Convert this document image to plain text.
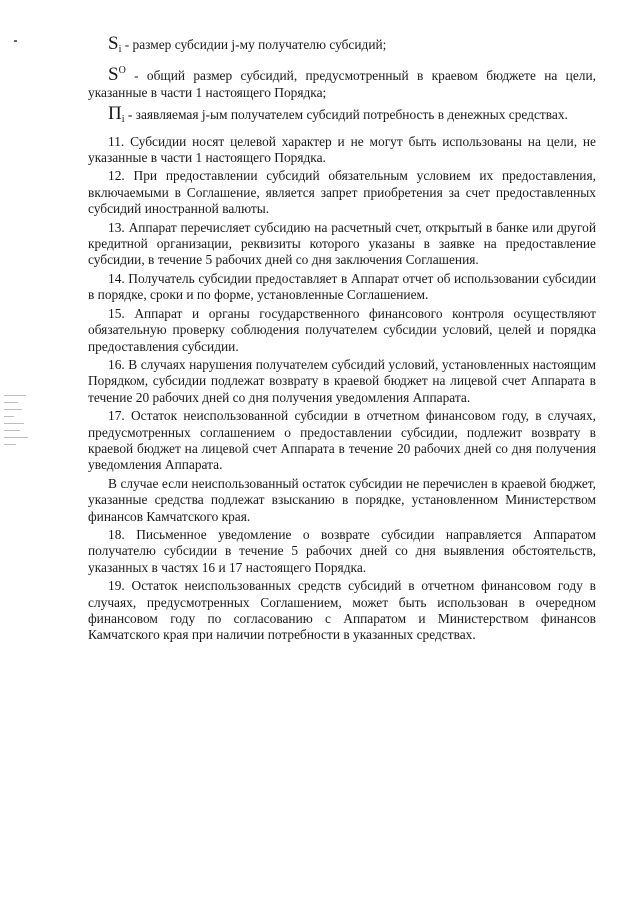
$S_i$ - размер субсидии j-му получателю субсидий;

$S^O$ - общий размер субсидий, предусмотренный в краевом бюджете на цели, указанные в части 1 настоящего Порядка;

$П_i$ - заявляемая j-ым получателем субсидий потребность в денежных средствах.

11. Субсидии носят целевой характер и не могут быть использованы на цели, не указанные в части 1 настоящего Порядка.

12. При предоставлении субсидий обязательным условием их предоставления, включаемыми в Соглашение, является запрет приобретения за счет предоставленных субсидий иностранной валюты.

13. Аппарат перечисляет субсидию на расчетный счет, открытый в банке или другой кредитной организации, реквизиты которого указаны в заявке на предоставление субсидии, в течение 5 рабочих дней со дня заключения Соглашения.

14. Получатель субсидии предоставляет в Аппарат отчет об использовании субсидии в порядке, сроки и по форме, установленные Соглашением.

15. Аппарат и органы государственного финансового контроля осуществляют обязательную проверку соблюдения получателем субсидии условий, целей и порядка предоставления субсидии.

16. В случаях нарушения получателем субсидий условий, установленных настоящим Порядком, субсидии подлежат возврату в краевой бюджет на лицевой счет Аппарата в течение 20 рабочих дней со дня получения уведомления Аппарата.

17. Остаток неиспользованной субсидии в отчетном финансовом году, в случаях, предусмотренных соглашением о предоставлении субсидии, подлежит возврату в краевой бюджет на лицевой счет Аппарата в течение 20 рабочих дней со дня получения уведомления Аппарата.

В случае если неиспользованный остаток субсидии не перечислен в краевой бюджет, указанные средства подлежат взысканию в порядке, установленном Министерством финансов Камчатского края.

18. Письменное уведомление о возврате субсидии направляется Аппаратом получателю субсидии в течение 5 рабочих дней со дня выявления обстоятельств, указанных в частях 16 и 17 настоящего Порядка.

19. Остаток неиспользованных средств субсидий в отчетном финансовом году в случаях, предусмотренных Соглашением, может быть использован в очередном финансовом году по согласованию с Аппаратом и Министерством финансов Камчатского края при наличии потребности в указанных средствах.
